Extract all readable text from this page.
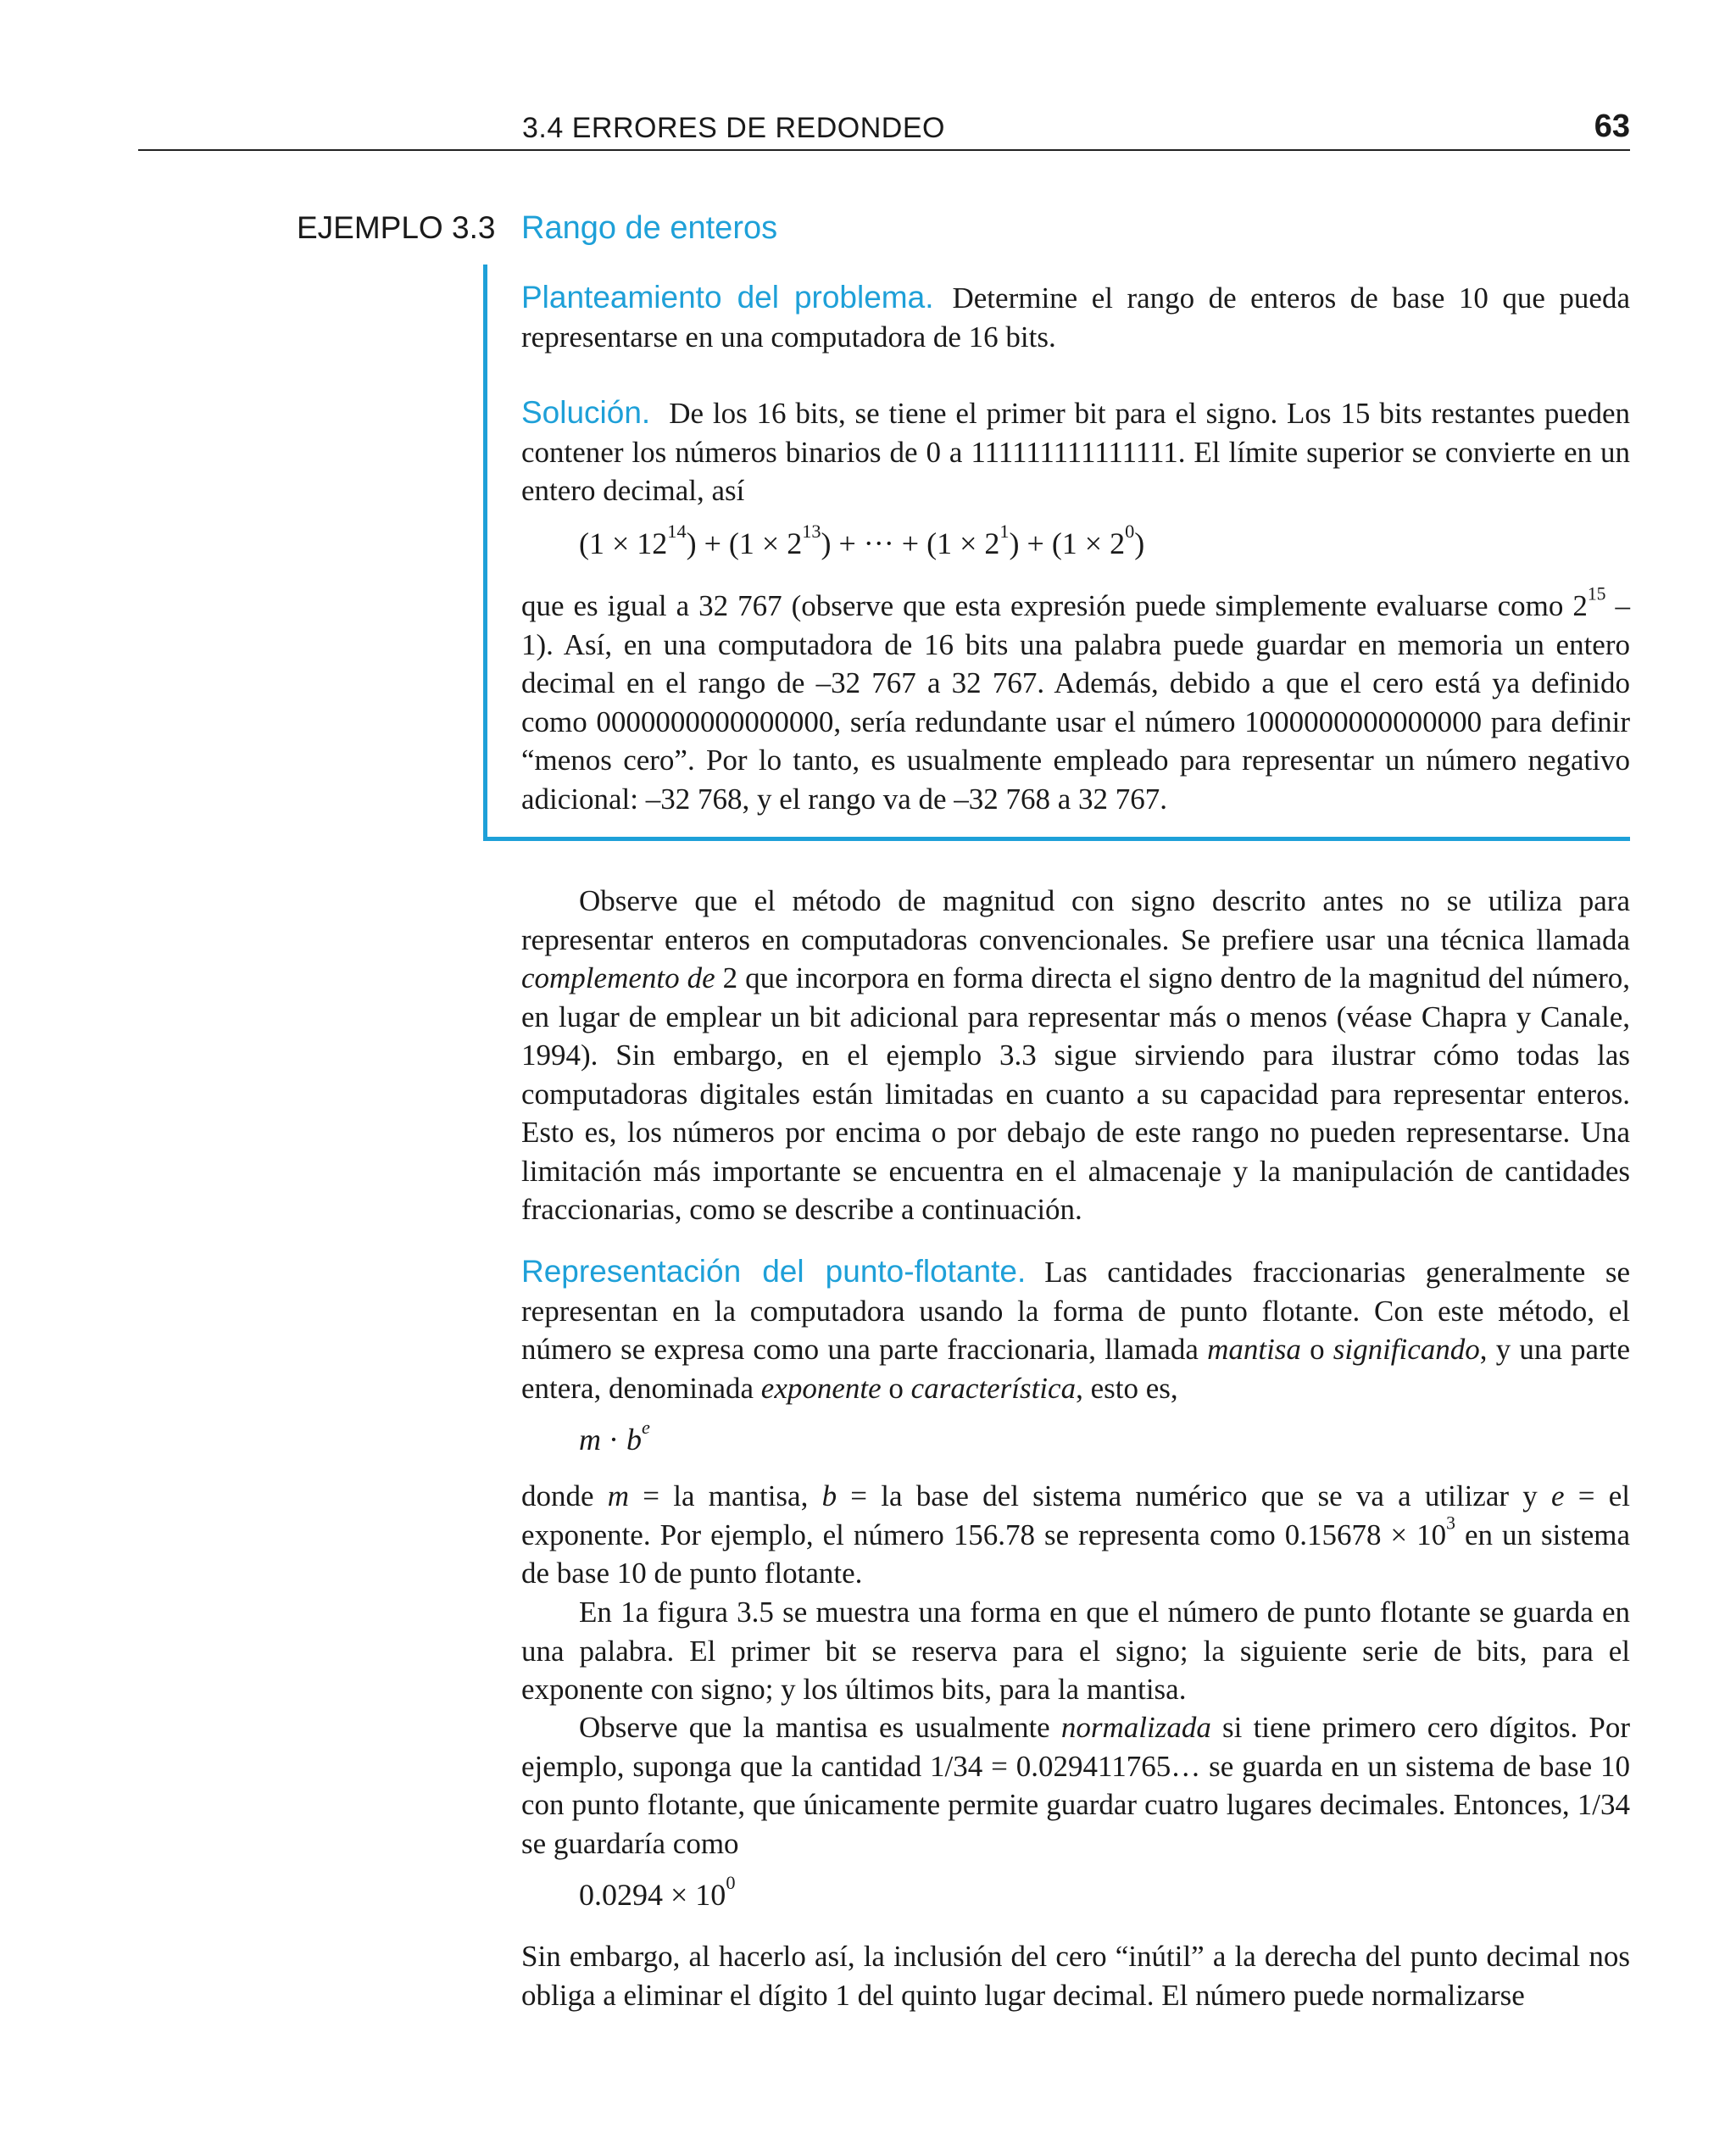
3.4 ERRORES DE REDONDEO	63
EJEMPLO 3.3 Rango de enteros

Planteamiento del problema. Determine el rango de enteros de base 10 que pueda representarse en una computadora de 16 bits.

Solución. De los 16 bits, se tiene el primer bit para el signo. Los 15 bits restantes pueden contener los números binarios de 0 a 111111111111111. El límite superior se convierte en un entero decimal, así

$(1 \times 12^{14}) + (1 \times 2^{13})$ + ··· + $(1 \times 2^1) + (1 \times 2^0)$

que es igual a 32 767 (observe que esta expresión puede simplemente evaluarse como $2^{15} - 1$). Así, en una computadora de 16 bits una palabra puede guardar en memoria un entero decimal en el rango de –32 767 a 32 767. Además, debido a que el cero está ya definido como 0000000000000000, sería redundante usar el número 1000000000000000 para definir “menos cero”. Por lo tanto, es usualmente empleado para representar un número negativo adicional: –32 768, y el rango va de –32 768 a 32 767.

Observe que el método de magnitud con signo descrito antes no se utiliza para representar enteros en computadoras convencionales. Se prefiere usar una técnica llamada complemento de 2 que incorpora en forma directa el signo dentro de la magnitud del número, en lugar de emplear un bit adicional para representar más o menos (véase Chapra y Canale, 1994). Sin embargo, en el ejemplo 3.3 sigue sirviendo para ilustrar cómo todas las computadoras digitales están limitadas en cuanto a su capacidad para representar enteros. Esto es, los números por encima o por debajo de este rango no pueden representarse. Una limitación más importante se encuentra en el almacenaje y la manipulación de cantidades fraccionarias, como se describe a continuación.

Representación del punto-flotante. Las cantidades fraccionarias generalmente se representan en la computadora usando la forma de punto flotante. Con este método, el número se expresa como una parte fraccionaria, llamada mantisa o significando, y una parte entera, denominada exponente o característica, esto es,

$m \cdot b^e$

donde m = la mantisa, b = la base del sistema numérico que se va a utilizar y e = el exponente. Por ejemplo, el número 156.78 se representa como $0.15678 \times 10^3$ en un sistema de base 10 de punto flotante.

En 1a figura 3.5 se muestra una forma en que el número de punto flotante se guarda en una palabra. El primer bit se reserva para el signo; la siguiente serie de bits, para el exponente con signo; y los últimos bits, para la mantisa.

Observe que la mantisa es usualmente normalizada si tiene primero cero dígitos. Por ejemplo, suponga que la cantidad 1/34 = 0.029411765… se guarda en un sistema de base 10 con punto flotante, que únicamente permite guardar cuatro lugares decimales. Entonces, 1/34 se guardaría como

$0.0294 \times 10^0$

Sin embargo, al hacerlo así, la inclusión del cero “inútil” a la derecha del punto decimal nos obliga a eliminar el dígito 1 del quinto lugar decimal. El número puede normalizarse
